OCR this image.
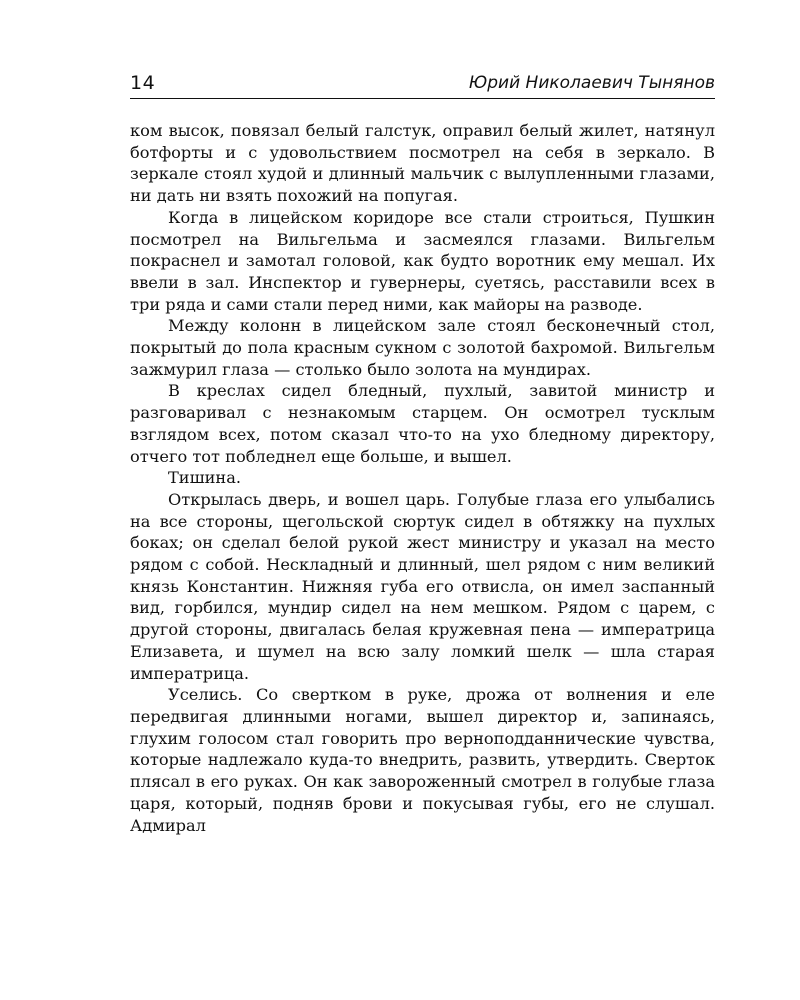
14	Юрий Николаевич Тынянов

ком высок, повязал белый галстук, оправил белый жилет, натянул ботфорты и с удовольствием посмотрел на себя в зеркало. В зеркале стоял худой и длинный мальчик с вылупленными глазами, ни дать ни взять похожий на попугая.

Когда в лицейском коридоре все стали строиться, Пушкин посмотрел на Вильгельма и засмеялся глазами. Вильгельм покраснел и замотал головой, как будто воротник ему мешал. Их ввели в зал. Инспектор и гувернеры, суетясь, расставили всех в три ряда и сами стали перед ними, как майоры на разводе.

Между колонн в лицейском зале стоял бесконечный стол, покрытый до пола красным сукном с золотой бахромой. Вильгельм зажмурил глаза — столько было золота на мундирах.

В креслах сидел бледный, пухлый, завитой министр и разговаривал с незнакомым старцем. Он осмотрел тусклым взглядом всех, потом сказал что-то на ухо бледному директору, отчего тот побледнел еще больше, и вышел.

Тишина.

Открылась дверь, и вошел царь. Голубые глаза его улыбались на все стороны, щегольской сюртук сидел в обтяжку на пухлых боках; он сделал белой рукой жест министру и указал на место рядом с собой. Нескладный и длинный, шел рядом с ним великий князь Константин. Нижняя губа его отвисла, он имел заспанный вид, горбился, мундир сидел на нем мешком. Рядом с царем, с другой стороны, двигалась белая кружевная пена — императрица Елизавета, и шумел на всю залу ломкий шелк — шла старая императрица.

Уселись. Со свертком в руке, дрожа от волнения и еле передвигая длинными ногами, вышел директор и, запинаясь, глухим голосом стал говорить про верноподданнические чувства, которые надлежало куда-то внедрить, развить, утвердить. Сверток плясал в его руках. Он как завороженный смотрел в голубые глаза царя, который, подняв брови и покусывая губы, его не слушал. Адмирал
